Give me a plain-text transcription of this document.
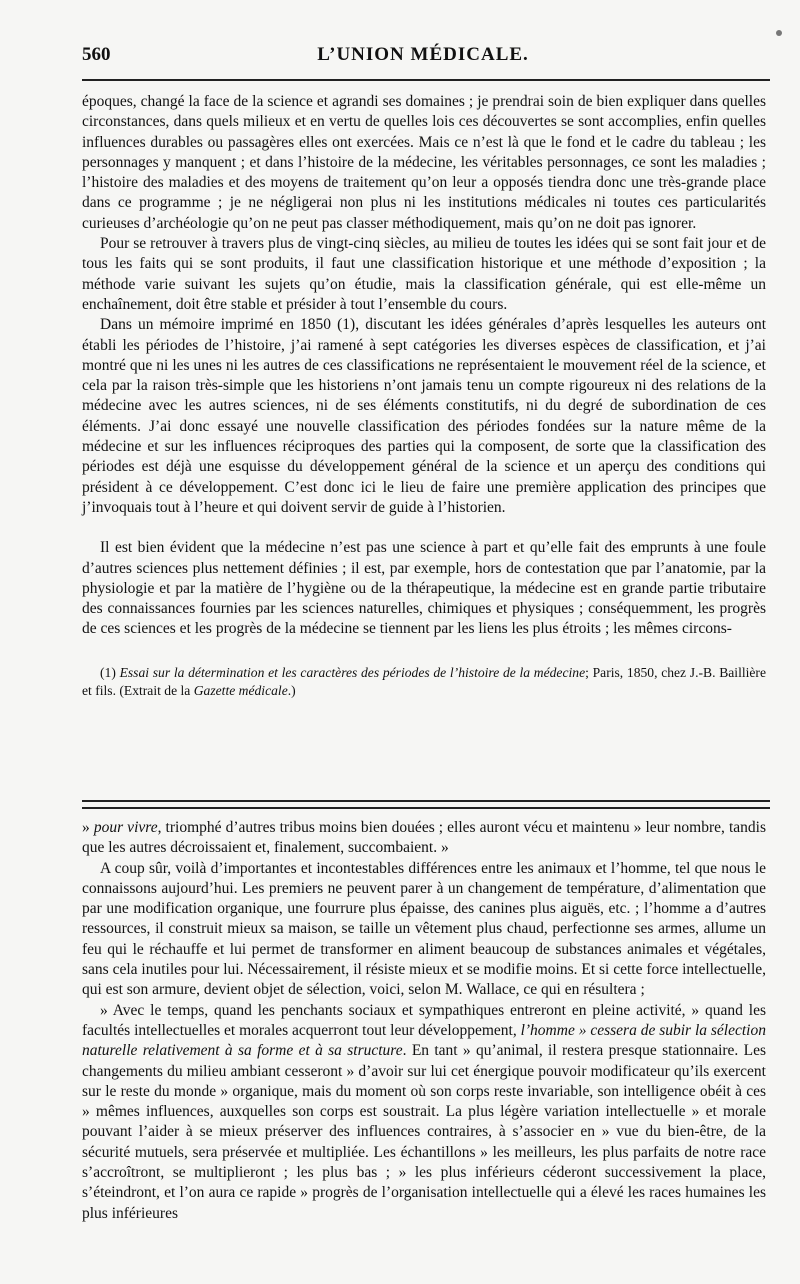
560	L’UNION MÉDICALE.

époques, changé la face de la science et agrandi ses domaines ; je prendrai soin de bien expliquer dans quelles circonstances, dans quels milieux et en vertu de quelles lois ces découvertes se sont accomplies, enfin quelles influences durables ou passagères elles ont exercées. Mais ce n’est là que le fond et le cadre du tableau ; les personnages y manquent ; et dans l’histoire de la médecine, les véritables personnages, ce sont les maladies ; l’histoire des maladies et des moyens de traitement qu’on leur a opposés tiendra donc une très-grande place dans ce programme ; je ne négligerai non plus ni les institutions médicales ni toutes ces particularités curieuses d’archéologie qu’on ne peut pas classer méthodiquement, mais qu’on ne doit pas ignorer.

Pour se retrouver à travers plus de vingt-cinq siècles, au milieu de toutes les idées qui se sont fait jour et de tous les faits qui se sont produits, il faut une classification historique et une méthode d’exposition ; la méthode varie suivant les sujets qu’on étudie, mais la classification générale, qui est elle-même un enchaînement, doit être stable et présider à tout l’ensemble du cours.

Dans un mémoire imprimé en 1850 (1), discutant les idées générales d’après lesquelles les auteurs ont établi les périodes de l’histoire, j’ai ramené à sept catégories les diverses espèces de classification, et j’ai montré que ni les unes ni les autres de ces classifications ne représentaient le mouvement réel de la science, et cela par la raison très-simple que les historiens n’ont jamais tenu un compte rigoureux ni des relations de la médecine avec les autres sciences, ni de ses éléments constitutifs, ni du degré de subordination de ces éléments. J’ai donc essayé une nouvelle classification des périodes fondées sur la nature même de la médecine et sur les influences réciproques des parties qui la composent, de sorte que la classification des périodes est déjà une esquisse du développement général de la science et un aperçu des conditions qui président à ce développement. C’est donc ici le lieu de faire une première application des principes que j’invoquais tout à l’heure et qui doivent servir de guide à l’historien.

Il est bien évident que la médecine n’est pas une science à part et qu’elle fait des emprunts à une foule d’autres sciences plus nettement définies ; il est, par exemple, hors de contestation que par l’anatomie, par la physiologie et par la matière de l’hygiène ou de la thérapeutique, la médecine est en grande partie tributaire des connaissances fournies par les sciences naturelles, chimiques et physiques ; conséquemment, les progrès de ces sciences et les progrès de la médecine se tiennent par les liens les plus étroits ; les mêmes circons-

(1) Essai sur la détermination et les caractères des périodes de l’histoire de la médecine; Paris, 1850, chez J.-B. Baillière et fils. (Extrait de la Gazette médicale.)

» pour vivre, triomphé d’autres tribus moins bien douées ; elles auront vécu et maintenu » leur nombre, tandis que les autres décroissaient et, finalement, succombaient. »

A coup sûr, voilà d’importantes et incontestables différences entre les animaux et l’homme, tel que nous le connaissons aujourd’hui. Les premiers ne peuvent parer à un changement de température, d’alimentation que par une modification organique, une fourrure plus épaisse, des canines plus aiguës, etc. ; l’homme a d’autres ressources, il construit mieux sa maison, se taille un vêtement plus chaud, perfectionne ses armes, allume un feu qui le réchauffe et lui permet de transformer en aliment beaucoup de substances animales et végétales, sans cela inutiles pour lui. Nécessairement, il résiste mieux et se modifie moins. Et si cette force intellectuelle, qui est son armure, devient objet de sélection, voici, selon M. Wallace, ce qui en résultera ;

» Avec le temps, quand les penchants sociaux et sympathiques entreront en pleine activité, » quand les facultés intellectuelles et morales acquerront tout leur développement, l’homme » cessera de subir la sélection naturelle relativement à sa forme et à sa structure. En tant » qu’animal, il restera presque stationnaire. Les changements du milieu ambiant cesseront » d’avoir sur lui cet énergique pouvoir modificateur qu’ils exercent sur le reste du monde » organique, mais du moment où son corps reste invariable, son intelligence obéit à ces » mêmes influences, auxquelles son corps est soustrait. La plus légère variation intellectuelle » et morale pouvant l’aider à se mieux préserver des influences contraires, à s’associer en » vue du bien-être, de la sécurité mutuels, sera préservée et multipliée. Les échantillons » les meilleurs, les plus parfaits de notre race s’accroîtront, se multiplieront ; les plus bas ; » les plus inférieurs céderont successivement la place, s’éteindront, et l’on aura ce rapide » progrès de l’organisation intellectuelle qui a élevé les races humaines les plus inférieures
